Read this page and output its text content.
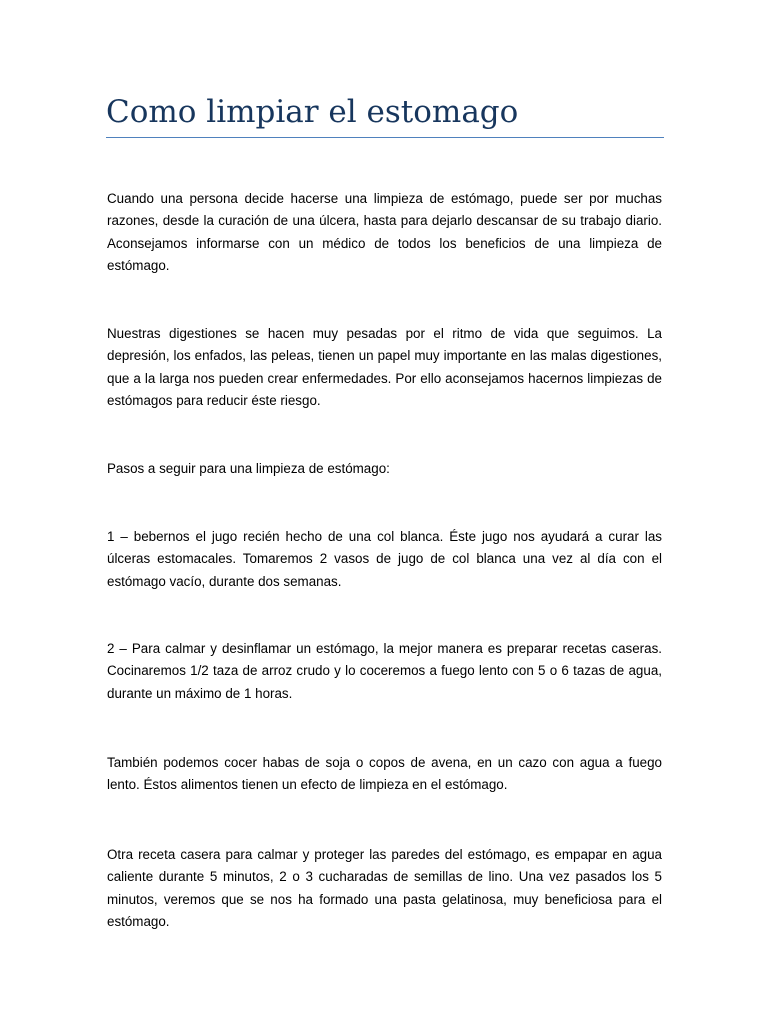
Como limpiar el estomago

Cuando una persona decide hacerse una limpieza de estómago, puede ser por muchas razones, desde la curación de una úlcera, hasta para dejarlo descansar de su trabajo diario. Aconsejamos informarse con un médico de todos los beneficios de una limpieza de estómago.

Nuestras digestiones se hacen muy pesadas por el ritmo de vida que seguimos. La depresión, los enfados, las peleas, tienen un papel muy importante en las malas digestiones, que a la larga nos pueden crear enfermedades. Por ello aconsejamos hacernos limpiezas de estómagos para reducir éste riesgo.

Pasos a seguir para una limpieza de estómago:

1 – bebernos el jugo recién hecho de una col blanca. Éste jugo nos ayudará a curar las úlceras estomacales. Tomaremos 2 vasos de jugo de col blanca una vez al día con el estómago vacío, durante dos semanas.

2 – Para calmar y desinflamar un estómago, la mejor manera es preparar recetas caseras. Cocinaremos 1/2 taza de arroz crudo y lo coceremos a fuego lento con 5 o 6 tazas de agua, durante un máximo de 1 horas.

También podemos cocer habas de soja o copos de avena, en un cazo con agua a fuego lento. Éstos alimentos tienen un efecto de limpieza en el estómago.

Otra receta casera para calmar y proteger las paredes del estómago, es empapar en agua caliente durante 5 minutos, 2 o 3 cucharadas de semillas de lino. Una vez pasados los 5 minutos, veremos que se nos ha formado una pasta gelatinosa, muy beneficiosa para el estómago.
